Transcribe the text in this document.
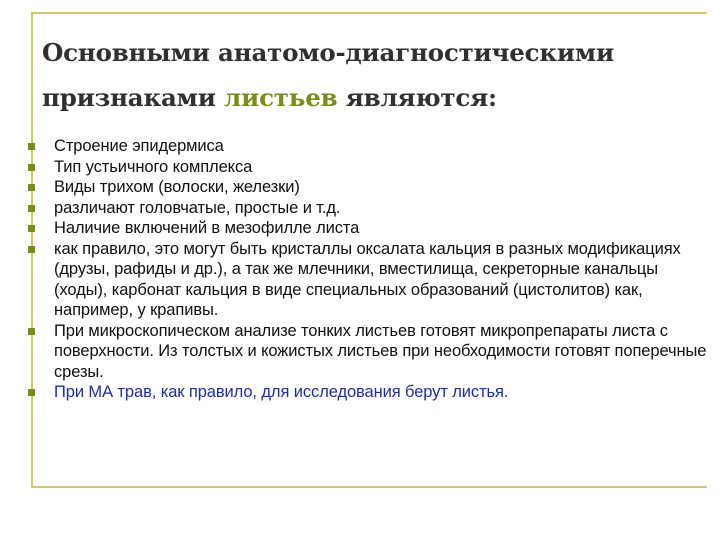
Основными анатомо-диагностическими признаками листьев являются:
Строение эпидермиса
Тип устьичного комплекса
Виды трихом (волоски, железки)
различают головчатые, простые и т.д.
Наличие включений в мезофилле листа
как правило, это могут быть кристаллы оксалата кальция в разных модификациях (друзы, рафиды и др.), а так же млечники, вместилища, секреторные канальцы (ходы), карбонат кальция в виде специальных образований (цистолитов) как, например, у крапивы.
При микроскопическом анализе тонких листьев готовят микропрепараты листа с поверхности. Из толстых и кожистых листьев при необходимости готовят поперечные срезы.
При МА трав, как правило, для исследования берут листья.
